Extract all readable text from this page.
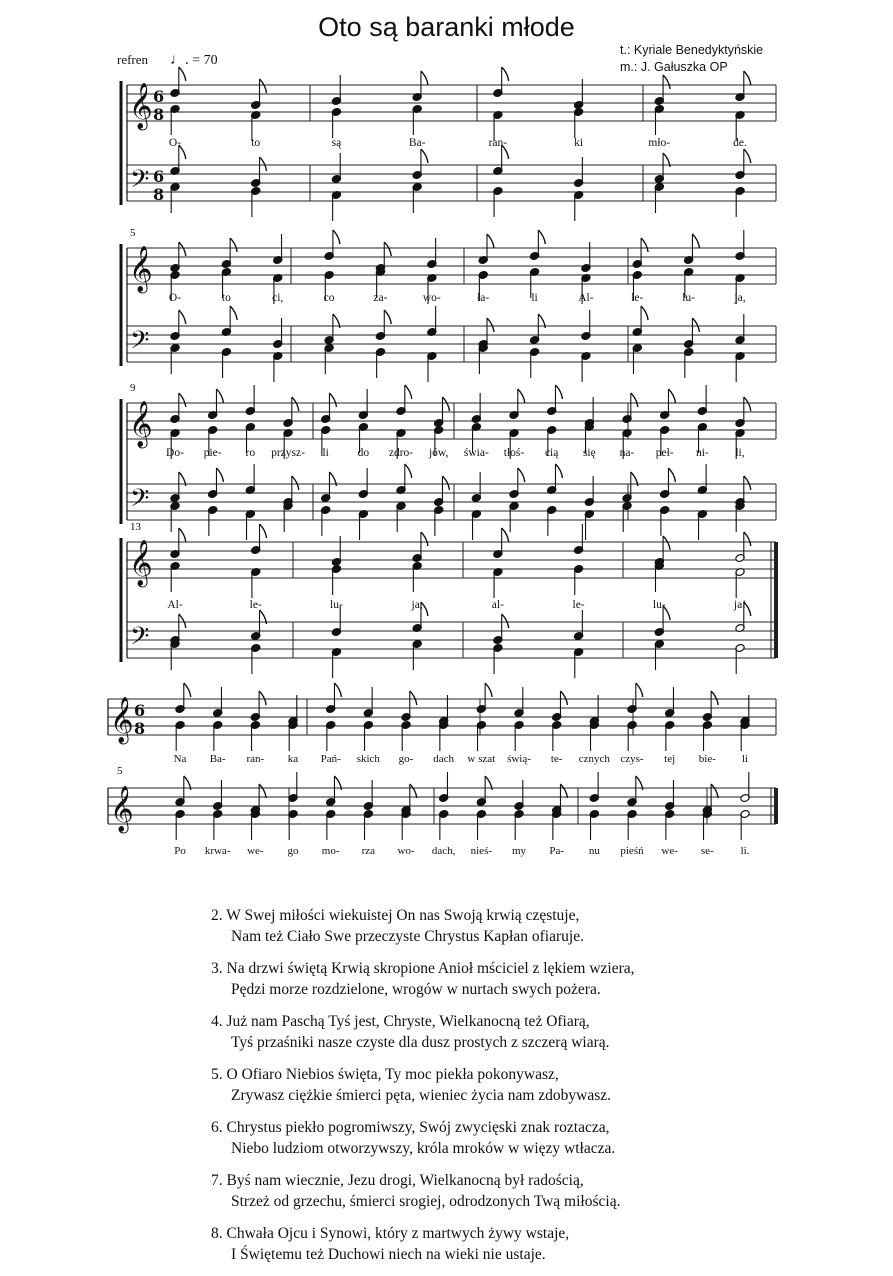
Oto są baranki młode
t.: Kyriale Benedyktyńskie
m.: J. Gałuszka OP
refren ♩. = 70
𝄞
𝄢
6
8
6
8
O-	to	są	Ba-	ran-	ki	mło-	de.
𝄞
𝄢
5
O-	to	ci,	co	za-	wo-	ła-	li	Al-	le-	lu-	ja,
𝄞
𝄢
9
Do- pie- ro przysz- li do zdro- jów, świa- tłoś- cią się na- peł- ni- li,
𝄞
𝄢
13
Al-	le-	lu-	ja,	al-	le-	lu-	ja!
𝄞 6
8
Na Ba- ran- ka Pań- skich go- dach w szat świą- te- cznych czys- tej bie- li
𝄞
5
Po krwa- we- go mo- rza wo- dach, nieś- my Pa- nu pieśń we- se- li.
2. W Swej miłości wiekuistej On nas Swoją krwią częstuje,
Nam też Ciało Swe przeczyste Chrystus Kapłan ofiaruje.
3. Na drzwi świętą Krwią skropione Anioł mściciel z lękiem wziera,
Pędzi morze rozdzielone, wrogów w nurtach swych pożera.
4. Już nam Paschą Tyś jest, Chryste, Wielkanocną też Ofiarą,
Tyś przaśniki nasze czyste dla dusz prostych z szczerą wiarą.
5. O Ofiaro Niebios święta, Ty moc piekła pokonywasz,
Zrywasz ciężkie śmierci pęta, wieniec życia nam zdobywasz.
6. Chrystus piekło pogromiwszy, Swój zwycięski znak roztacza,
Niebo ludziom otworzywszy, króla mroków w więzy wtłacza.
7. Byś nam wiecznie, Jezu drogi, Wielkanocną był radością,
Strzeż od grzechu, śmierci srogiej, odrodzonych Twą miłością.
8. Chwała Ojcu i Synowi, który z martwych żywy wstaje,
I Świętemu też Duchowi niech na wieki nie ustaje.
